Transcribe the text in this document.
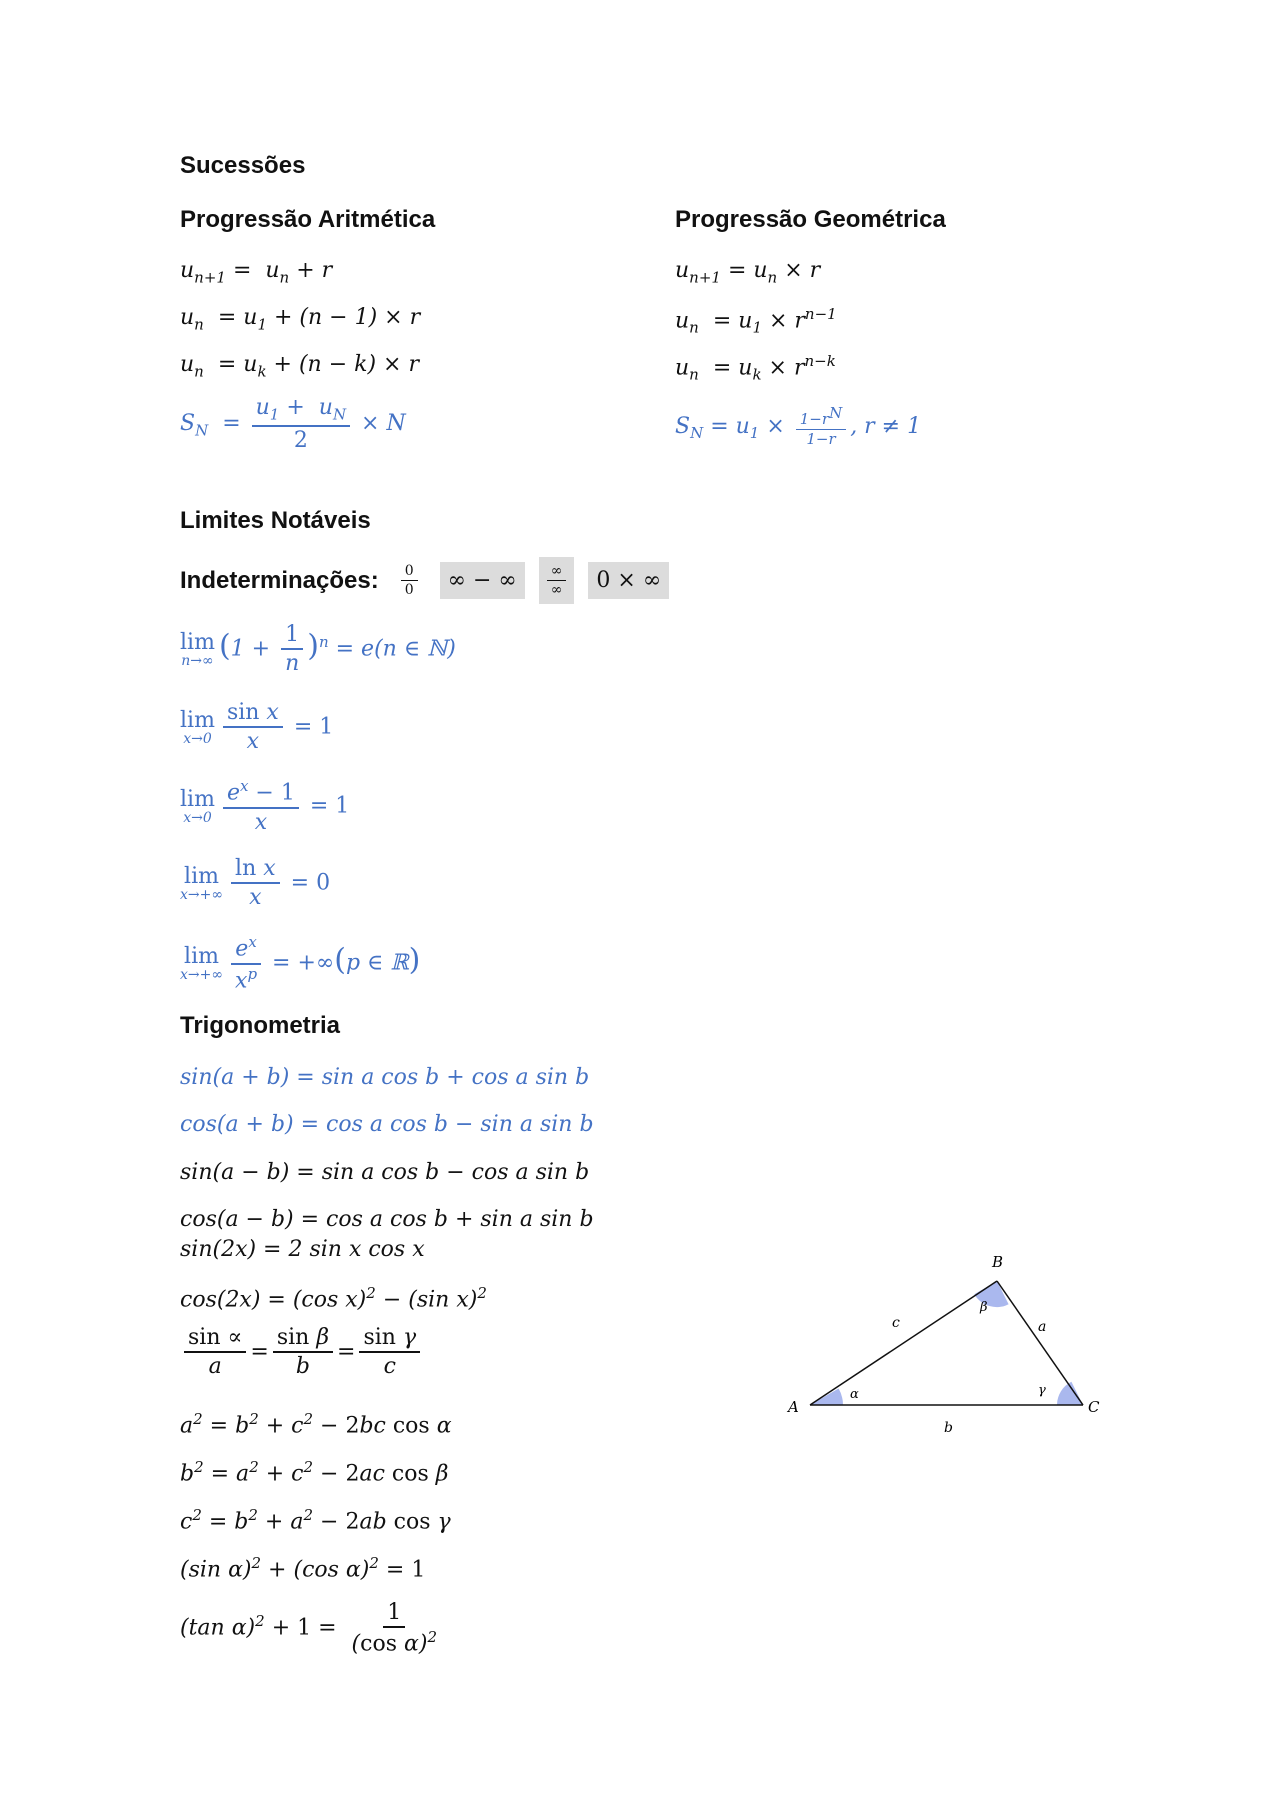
Sucessões
Progressão Aritmética	Progressão Geométrica
$u_{n+1} = u_n + r$
$u_n = u_1 + (n - 1) \times r$
$u_n = u_k + (n - k) \times r$
$S_N = \frac{u_1 + u_N}{2} \times N$
$u_{n+1} = u_n \times r$
$u_n = u_1 \times r^{n-1}$
$u_n = u_k \times r^{n-k}$
$S_N = u_1 \times \frac{1-r^N}{1-r}$ , r ≠ 1
Limites Notáveis
Indeterminações: $\frac{0}{0}$	∞ − ∞	$\frac{\infty}{\infty}$	0 × ∞
lim
n→∞ $(1 + \frac{1}{n} )^n = e(n$ ∈ ℕ)
lim
$x\to 0 \frac{\text{sin x}}{x} = 1$
lim
$x\to 0 \frac{e^x - 1}{x} = 1$
lim
$x\to+\infty \frac{\text{ln x}}{x} = 0$
lim
$x\to+\infty \frac{e^x}{x^p} = +\infty(p$ ∈ ℝ)
Trigonometria
sin(a + b) = sin a cos b + cos a sin b
cos(a + b) = cos a cos b − sin a sin b
sin(a − b) = sin a cos b − cos a sin b
cos(a − b) = cos a cos b + sin a sin b
sin(2x) = 2 sin x cos x
cos(2x) = (cos x)$^2$ − (sin x)$^2$
$\frac{\sin \propto}{a} = \frac{\text{sin β}}{b} = \frac{\text{sin γ}}{c}$
$a^2 = b^2 + c^2 - 2bc$ cos α
$b^2 = a^2 + c^2 - 2ac$ cos β
$c^2 = b^2 + a^2 - 2ab$ cos γ
(sin α)$^2$ + (cos α)$^2$ = 1
(tan $\alpha)^2 + 1 = \frac{1}{(\cos \alpha)^2}$
A
B
C
a
b
c
α
β
γ
